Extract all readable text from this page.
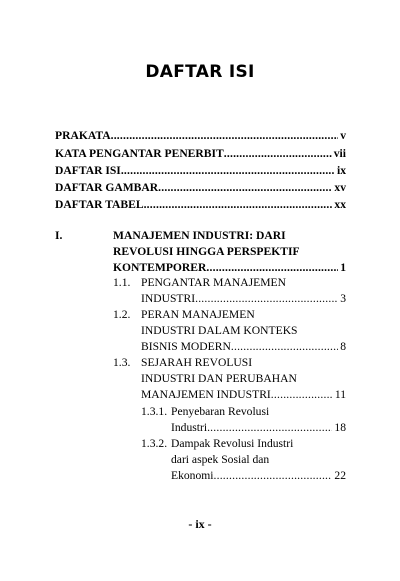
DAFTAR ISI
PRAKATA .....	v
KATA PENGANTAR PENERBIT .....	vii
DAFTAR ISI .....	ix
DAFTAR GAMBAR .....	xv
DAFTAR TABEL .....	xx
I.	MANAJEMEN INDUSTRI: DARI
REVOLUSI HINGGA PERSPEKTIF
KONTEMPORER .....	1
1.1. PENGANTAR MANAJEMEN
INDUSTRI .....	3
1.2. PERAN MANAJEMEN
INDUSTRI DALAM KONTEKS
BISNIS MODERN .....	8
1.3. SEJARAH REVOLUSI
INDUSTRI DAN PERUBAHAN
MANAJEMEN INDUSTRI .....	11
1.3.1. Penyebaran Revolusi
Industri .....	18
1.3.2. Dampak Revolusi Industri
dari aspek Sosial dan
Ekonomi .....	22
- ix -
